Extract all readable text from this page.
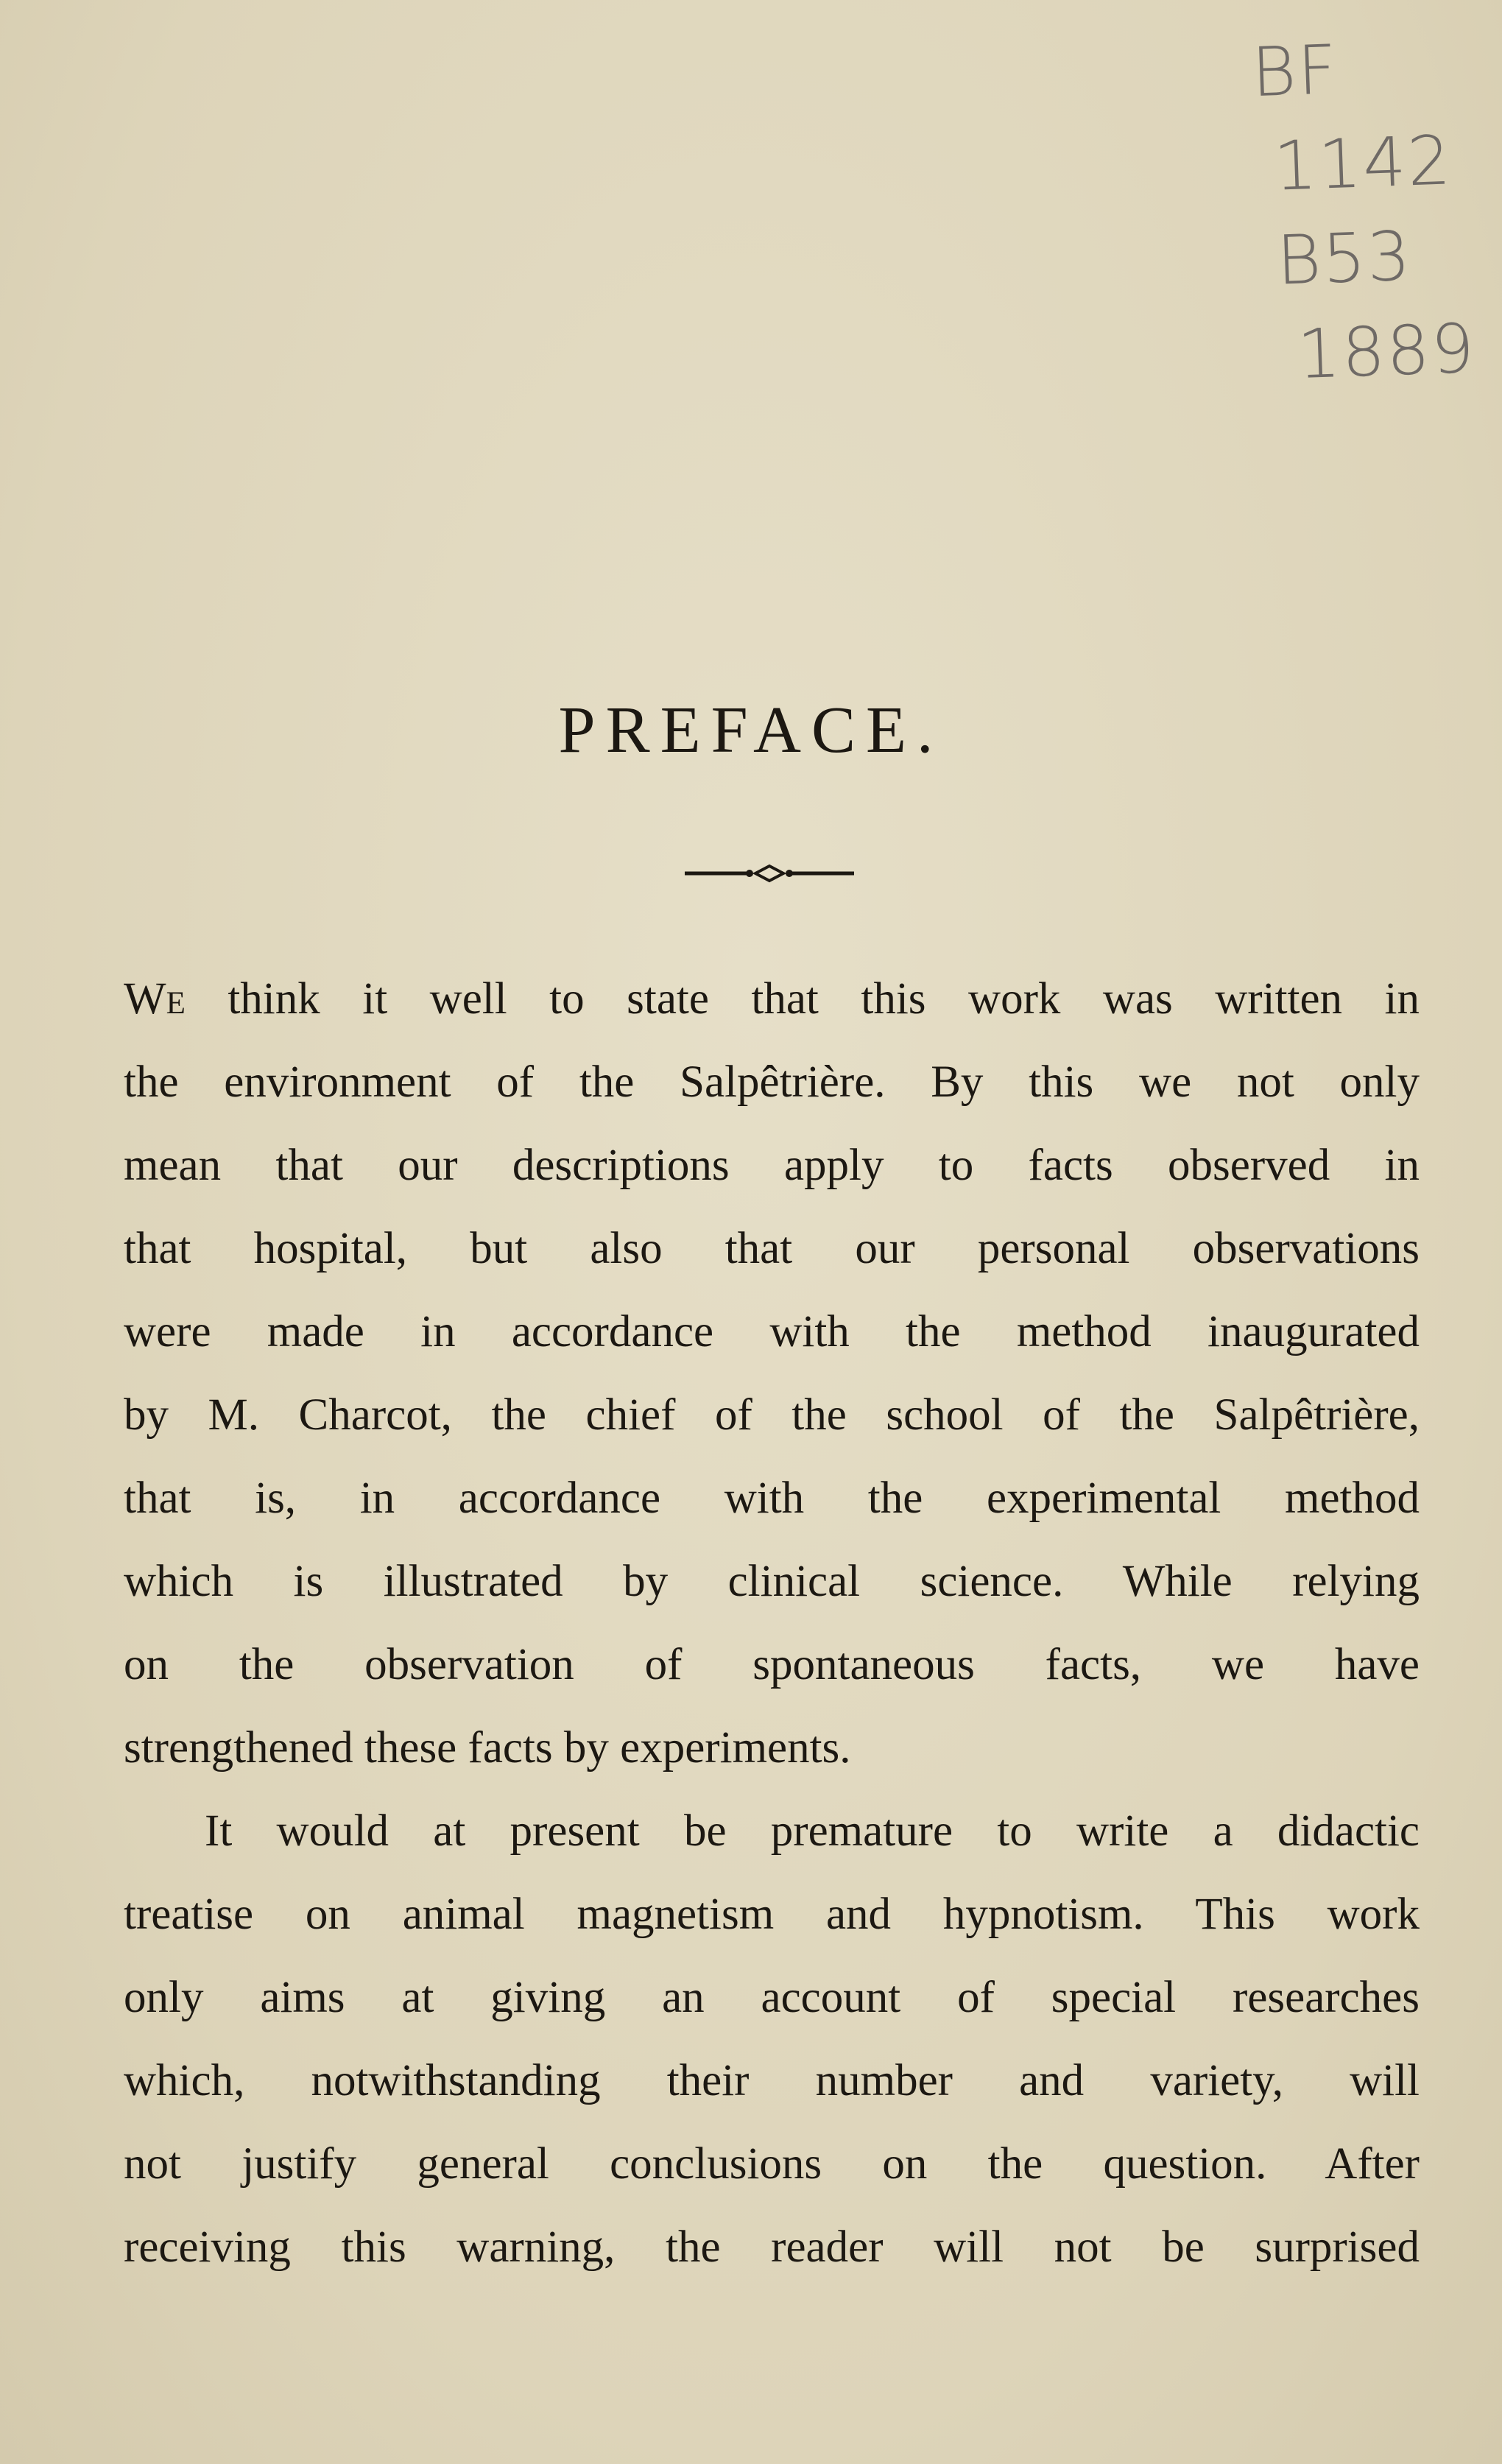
BF
1142
B53
1889
PREFACE.
We think it well to state that this work was written in
the environment of the Salpêtrière. By this we not only
mean that our descriptions apply to facts observed in
that hospital, but also that our personal observations
were made in accordance with the method inaugurated
by M. Charcot, the chief of the school of the Salpêtrière,
that is, in accordance with the experimental method
which is illustrated by clinical science. While relying
on the observation of spontaneous facts, we have
strengthened these facts by experiments.
It would at present be premature to write a didactic
treatise on animal magnetism and hypnotism. This work
only aims at giving an account of special researches
which, notwithstanding their number and variety, will
not justify general conclusions on the question. After
receiving this warning, the reader will not be surprised
